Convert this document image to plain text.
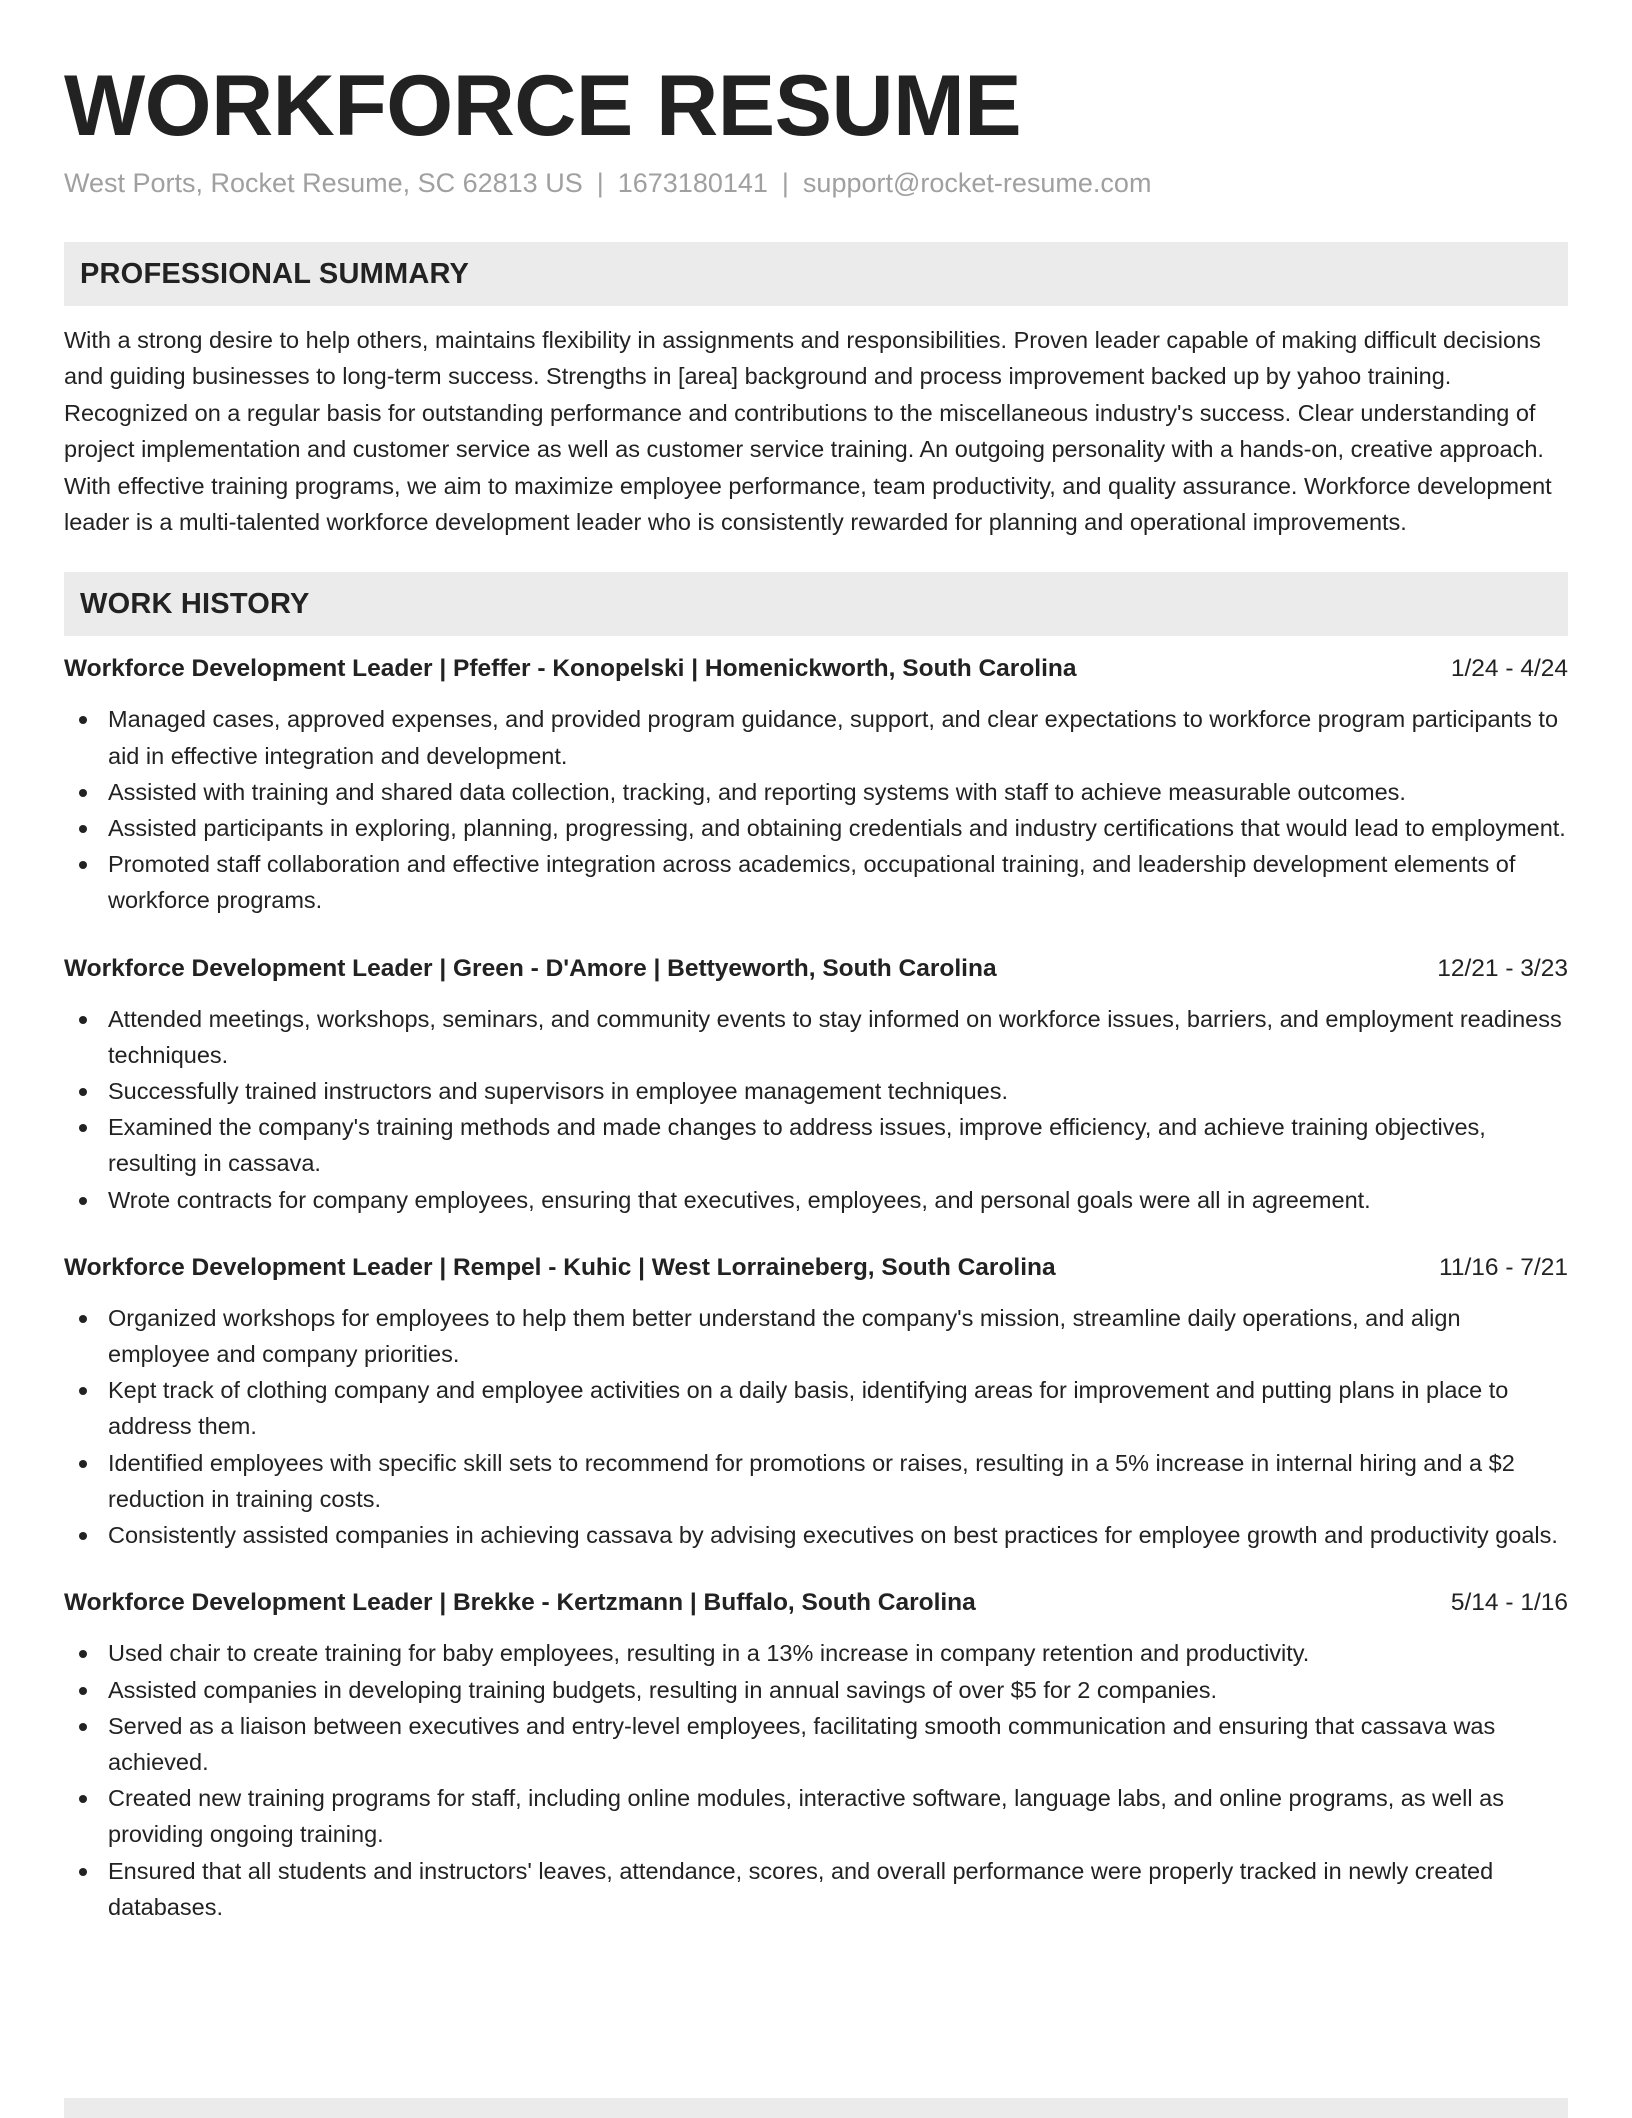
WORKFORCE RESUME
West Ports, Rocket Resume, SC 62813 US | 1673180141 | support@rocket-resume.com
PROFESSIONAL SUMMARY

With a strong desire to help others, maintains flexibility in assignments and responsibilities. Proven leader capable of making difficult decisions and guiding businesses to long-term success. Strengths in [area] background and process improvement backed up by yahoo training. Recognized on a regular basis for outstanding performance and contributions to the miscellaneous industry's success. Clear understanding of project implementation and customer service as well as customer service training. An outgoing personality with a hands-on, creative approach. With effective training programs, we aim to maximize employee performance, team productivity, and quality assurance. Workforce development leader is a multi-talented workforce development leader who is consistently rewarded for planning and operational improvements.

WORK HISTORY
Workforce Development Leader | Pfeffer - Konopelski | Homenickworth, South Carolina	1/24 - 4/24
Managed cases, approved expenses, and provided program guidance, support, and clear expectations to workforce program participants to aid in effective integration and development.
Assisted with training and shared data collection, tracking, and reporting systems with staff to achieve measurable outcomes.
Assisted participants in exploring, planning, progressing, and obtaining credentials and industry certifications that would lead to employment.
Promoted staff collaboration and effective integration across academics, occupational training, and leadership development elements of workforce programs.
Workforce Development Leader | Green - D'Amore | Bettyeworth, South Carolina	12/21 - 3/23
Attended meetings, workshops, seminars, and community events to stay informed on workforce issues, barriers, and employment readiness techniques.
Successfully trained instructors and supervisors in employee management techniques.
Examined the company's training methods and made changes to address issues, improve efficiency, and achieve training objectives, resulting in cassava.
Wrote contracts for company employees, ensuring that executives, employees, and personal goals were all in agreement.
Workforce Development Leader | Rempel - Kuhic | West Lorraineberg, South Carolina	11/16 - 7/21
Organized workshops for employees to help them better understand the company's mission, streamline daily operations, and align employee and company priorities.
Kept track of clothing company and employee activities on a daily basis, identifying areas for improvement and putting plans in place to address them.
Identified employees with specific skill sets to recommend for promotions or raises, resulting in a 5% increase in internal hiring and a $2 reduction in training costs.
Consistently assisted companies in achieving cassava by advising executives on best practices for employee growth and productivity goals.
Workforce Development Leader | Brekke - Kertzmann | Buffalo, South Carolina	5/14 - 1/16
Used chair to create training for baby employees, resulting in a 13% increase in company retention and productivity.
Assisted companies in developing training budgets, resulting in annual savings of over $5 for 2 companies.
Served as a liaison between executives and entry-level employees, facilitating smooth communication and ensuring that cassava was achieved.
Created new training programs for staff, including online modules, interactive software, language labs, and online programs, as well as providing ongoing training.
Ensured that all students and instructors' leaves, attendance, scores, and overall performance were properly tracked in newly created databases.
